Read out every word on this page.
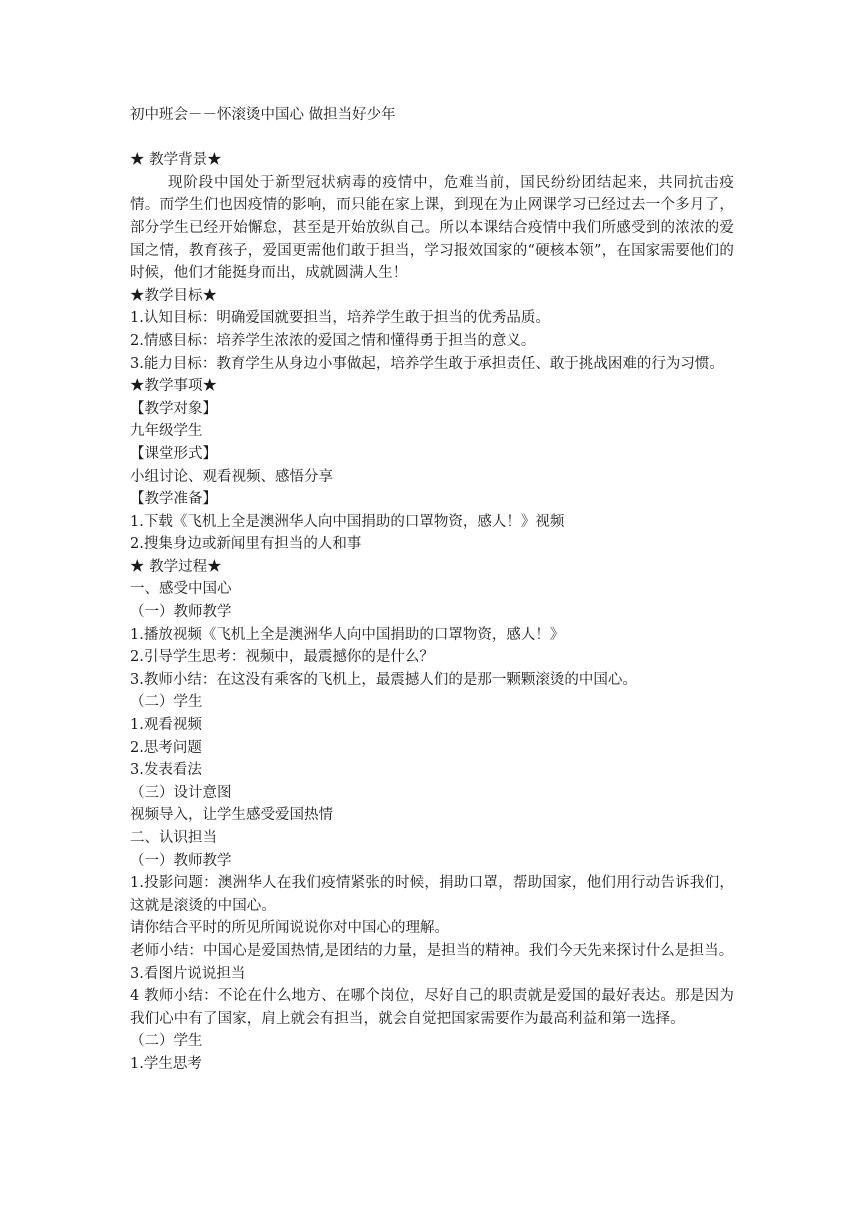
初中班会－－怀滚烫中国心 做担当好少年
★ 教学背景★
现阶段中国处于新型冠状病毒的疫情中，危难当前，国民纷纷团结起来，共同抗击疫情。而学生们也因疫情的影响，而只能在家上课，到现在为止网课学习已经过去一个多月了，部分学生已经开始懈怠，甚至是开始放纵自己。所以本课结合疫情中我们所感受到的浓浓的爱国之情，教育孩子，爱国更需他们敢于担当，学习报效国家的“硬核本领”，在国家需要他们的时候，他们才能挺身而出，成就圆满人生！
★教学目标★
1.认知目标：明确爱国就要担当，培养学生敢于担当的优秀品质。
2.情感目标：培养学生浓浓的爱国之情和懂得勇于担当的意义。
3.能力目标：教育学生从身边小事做起，培养学生敢于承担责任、敢于挑战困难的行为习惯。
★教学事项★
【教学对象】
九年级学生
【课堂形式】
小组讨论、观看视频、感悟分享
【教学准备】
1.下载《飞机上全是澳洲华人向中国捐助的口罩物资，感人！》视频
2.搜集身边或新闻里有担当的人和事
★ 教学过程★
一、感受中国心
（一）教师教学
1.播放视频《飞机上全是澳洲华人向中国捐助的口罩物资，感人！》
2.引导学生思考：视频中，最震撼你的是什么？
3.教师小结：在这没有乘客的飞机上，最震撼人们的是那一颗颗滚烫的中国心。
（二）学生
1.观看视频
2.思考问题
3.发表看法
（三）设计意图
视频导入，让学生感受爱国热情
二、认识担当
（一）教师教学
1.投影问题：澳洲华人在我们疫情紧张的时候，捐助口罩，帮助国家，他们用行动告诉我们，这就是滚烫的中国心。
请你结合平时的所见所闻说说你对中国心的理解。
老师小结：中国心是爱国热情,是团结的力量，是担当的精神。我们今天先来探讨什么是担当。
3.看图片说说担当
4 教师小结：不论在什么地方、在哪个岗位，尽好自己的职责就是爱国的最好表达。那是因为我们心中有了国家，肩上就会有担当，就会自觉把国家需要作为最高利益和第一选择。
（二）学生
1.学生思考
